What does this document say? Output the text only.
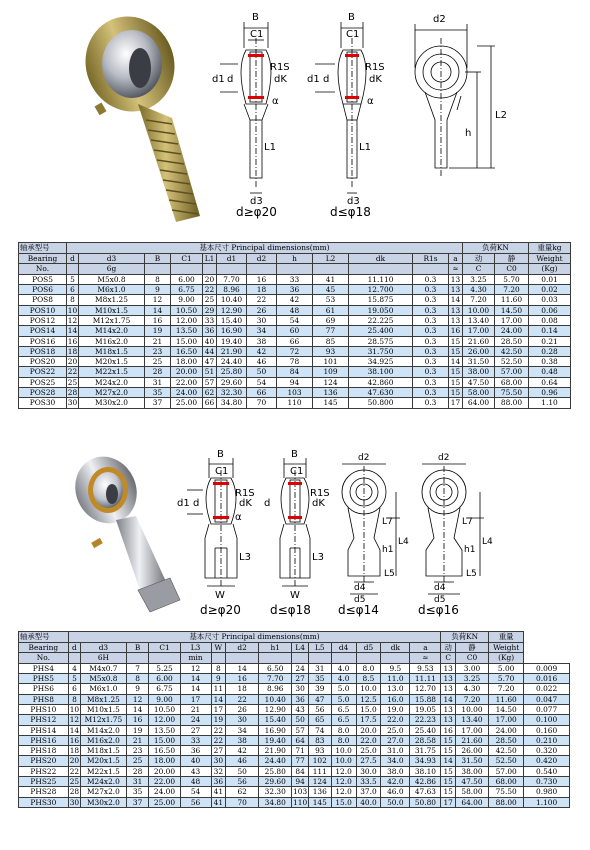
B
C1
d1 d
R1S
dK
α
L1
d3
B
C1
d1 d
R1S
dK
α
L1
d3
d2
h
L2
d≥φ20	d≤φ18
轴承型号	基本尺寸 Principal dimensions(mm)												负荷KN		重量kg
Bearing	d	d3	B	C1	L1	d1	d2	h	L2	dk	R1s	a	动	静	Weight
No.		6g										≈	C	C0	(Kg)
POS5	5	M5x0.8	8	6.00	20	7.70	16	33	41	11.110	0.3	13	3.25	5.70	0.01
POS6	6	M6x1.0	9	6.75	22	8.96	18	36	45	12.700	0.3	13	4.30	7.20	0.02
POS8	8	M8x1.25	12	9.00	25	10.40	22	42	53	15.875	0.3	14	7.20	11.60	0.03
POS10	10	M10x1.5	14	10.50	29	12.90	26	48	61	19.050	0.3	13	10.00	14.50	0.06
POS12	12	M12x1.75	16	12.00	33	15.40	30	54	69	22.225	0.3	13	13.40	17.00	0.08
POS14	14	M14x2.0	19	13.50	36	16.90	34	60	77	25.400	0.3	16	17.00	24.00	0.14
POS16	16	M16x2.0	21	15.00	40	19.40	38	66	85	28.575	0.3	15	21.60	28.50	0.21
POS18	18	M18x1.5	23	16.50	44	21.90	42	72	93	31.750	0.3	15	26.00	42.50	0.28
POS20	20	M20x1.5	25	18.00	47	24.40	46	78	101	34.925	0.3	14	31.50	52.50	0.38
POS22	22	M22x1.5	28	20.00	51	25.80	50	84	109	38.100	0.3	15	38.00	57.00	0.48
POS25	25	M24x2.0	31	22.00	57	29.60	54	94	124	42.860	0.3	15	47.50	68.00	0.64
POS28	28	M27x2.0	35	24.00	62	32.30	66	103	136	47.630	0.3	15	58.00	75.50	0.96
POS30	30	M30x2.0	37	25.00	66	34.80	70	110	145	50.800	0.3	17	64.00	88.00	1.10
B
C1
d1 d
R1S
dK
α
L3
W
B
C1
d
R1S
dK
L3
W
d2
L7
L4
h1
L5
d4
d5
d2
L7
L4
h1
L5
d4
d5
d≥φ20 d≤φ18 d≤φ14	d≤φ16
轴承型号	基本尺寸 Principal dimensions(mm)														负荷KN		重量	
Bearing	d	d3	B	C1	L3	W	d2	h1	L4	L5	d4	d5	dk	a	动	静	Weight	
No.		6H			min									≈	C	C0	(Kg)	
PHS4	4	M4x0.7	7	5.25	12	8	14	6.50	24	31	4.0	8.0	9.5	9.53	13	3.00	5.00	0.009
PHS5	5	M5x0.8	8	6.00	14	9	16	7.70	27	35	4.0	8.5	11.0	11.11	13	3.25	5.70	0.016
PHS6	6	M6x1.0	9	6.75	14	11	18	8.96	30	39	5.0	10.0	13.0	12.70	13	4.30	7.20	0.022
PHS8	8	M8x1.25	12	9.00	17	14	22	10.40	36	47	5.0	12.5	16.0	15.88	14	7.20	11.60	0.047
PHS10	10	M10x1.5	14	10.50	21	17	26	12.90	43	56	6.5	15.0	19.0	19.05	13	10.00	14.50	0.077
PHS12	12	M12x1.75	16	12.00	24	19	30	15.40	50	65	6.5	17.5	22.0	22.23	13	13.40	17.00	0.100
PHS14	14	M14x2.0	19	13.50	27	22	34	16.90	57	74	8.0	20.0	25.0	25.40	16	17.00	24.00	0.160
PHS16	16	M16x2.0	21	15.00	33	22	38	19.40	64	83	8.0	22.0	27.0	28.58	15	21.60	28.50	0.210
PHS18	18	M18x1.5	23	16.50	36	27	42	21.90	71	93	10.0	25.0	31.0	31.75	15	26.00	42.50	0.320
PHS20	20	M20x1.5	25	18.00	40	30	46	24.40	77	102	10.0	27.5	34.0	34.93	14	31.50	52.50	0.420
PHS22	22	M22x1.5	28	20.00	43	32	50	25.80	84	111	12.0	30.0	38.0	38.10	15	38.00	57.00	0.540
PHS25	25	M24x2.0	31	22.00	48	36	56	29.60	94	124	12.0	33.5	42.0	42.86	15	47.50	68.00	0.730
PHS28	28	M27x2.0	35	24.00	54	41	62	32.30	103	136	12.0	37.0	46.0	47.63	15	58.00	75.50	0.980
PHS30	30	M30x2.0	37	25.00	56	41	70	34.80	110	145	15.0	40.0	50.0	50.80	17	64.00	88.00	1.100
